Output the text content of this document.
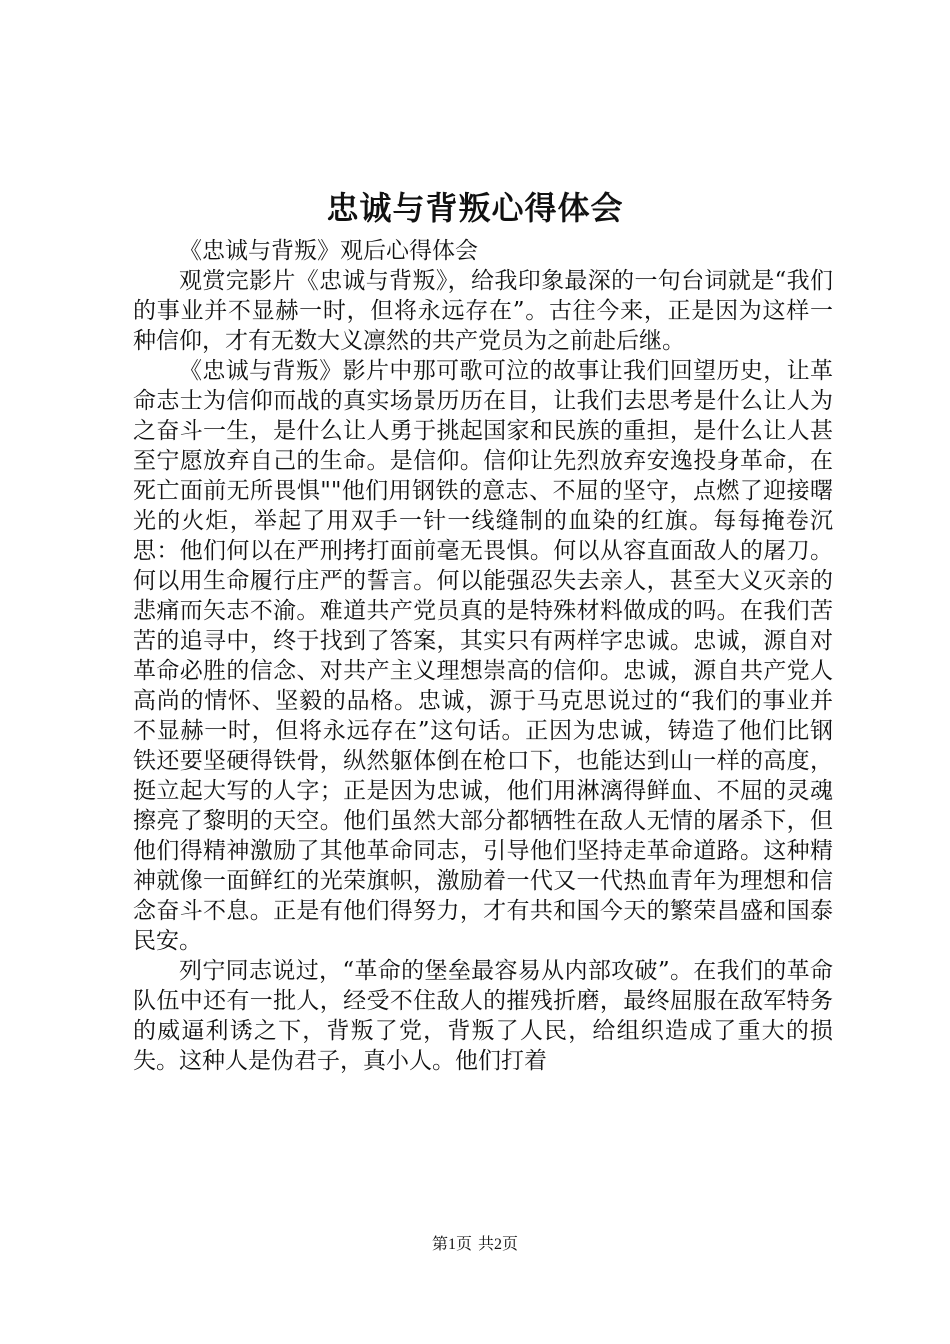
忠诚与背叛心得体会

《忠诚与背叛》观后心得体会

观赏完影片《忠诚与背叛》，给我印象最深的一句台词就是“我们的事业并不显赫一时，但将永远存在”。古往今来，正是因为这样一种信仰，才有无数大义凛然的共产党员为之前赴后继。

《忠诚与背叛》影片中那可歌可泣的故事让我们回望历史，让革命志士为信仰而战的真实场景历历在目，让我们去思考是什么让人为之奋斗一生，是什么让人勇于挑起国家和民族的重担，是什么让人甚至宁愿放弃自己的生命。是信仰。信仰让先烈放弃安逸投身革命，在死亡面前无所畏惧""他们用钢铁的意志、不屈的坚守，点燃了迎接曙光的火炬，举起了用双手一针一线缝制的血染的红旗。每每掩卷沉思：他们何以在严刑拷打面前毫无畏惧。何以从容直面敌人的屠刀。何以用生命履行庄严的誓言。何以能强忍失去亲人，甚至大义灭亲的悲痛而矢志不渝。难道共产党员真的是特殊材料做成的吗。在我们苦苦的追寻中，终于找到了答案，其实只有两样字忠诚。忠诚，源自对革命必胜的信念、对共产主义理想崇高的信仰。忠诚，源自共产党人高尚的情怀、坚毅的品格。忠诚，源于马克思说过的“我们的事业并不显赫一时，但将永远存在”这句话。正因为忠诚，铸造了他们比钢铁还要坚硬得铁骨，纵然躯体倒在枪口下，也能达到山一样的高度，挺立起大写的人字；正是因为忠诚，他们用淋漓得鲜血、不屈的灵魂擦亮了黎明的天空。他们虽然大部分都牺牲在敌人无情的屠杀下，但他们得精神激励了其他革命同志，引导他们坚持走革命道路。这种精神就像一面鲜红的光荣旗帜，激励着一代又一代热血青年为理想和信念奋斗不息。正是有他们得努力，才有共和国今天的繁荣昌盛和国泰民安。

列宁同志说过，“革命的堡垒最容易从内部攻破”。在我们的革命队伍中还有一批人，经受不住敌人的摧残折磨，最终屈服在敌军特务的威逼利诱之下，背叛了党，背叛了人民，给组织造成了重大的损失。这种人是伪君子，真小人。他们打着

第1页 共2页
